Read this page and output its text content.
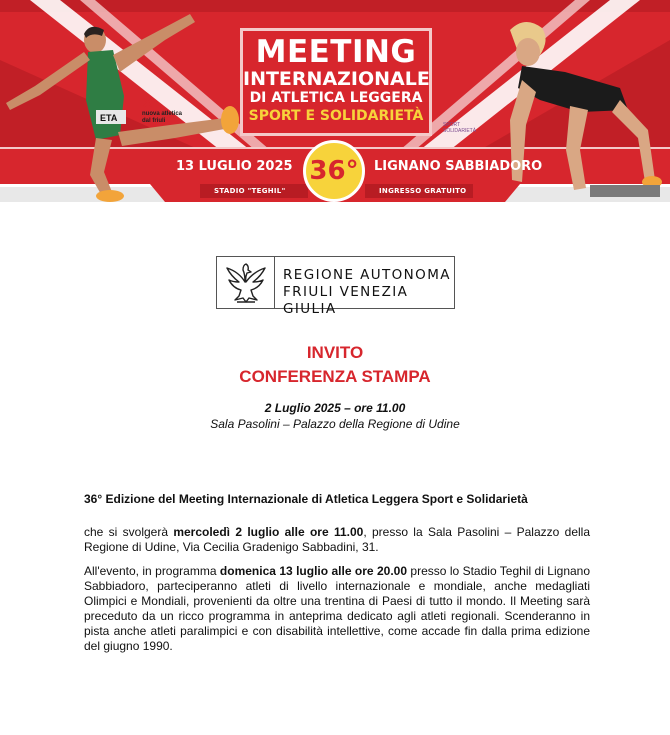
ETA
✕
nuova atletica
dal friuli
SPORT
SOLIDARIETÀ
MEETING
INTERNAZIONALE
DI ATLETICA LEGGERA
SPORT E SOLIDARIETÀ
13 LUGLIO 2025	LIGNANO SABBIADORO
36°
STADIO "TEGHIL"	INGRESSO GRATUITO
REGIONE AUTONOMA
FRIULI VENEZIA GIULIA
INVITO
CONFERENZA STAMPA
2 Luglio 2025 – ore 11.00
Sala Pasolini – Palazzo della Regione di Udine
36° Edizione del Meeting Internazionale di Atletica Leggera Sport e Solidarietà
che si svolgerà mercoledì 2 luglio alle ore 11.00, presso la Sala Pasolini – Palazzo della Regione di Udine, Via Cecilia Gradenigo Sabbadini, 31.
All'evento, in programma domenica 13 luglio alle ore 20.00 presso lo Stadio Teghil di Lignano Sabbiadoro, parteciperanno atleti di livello internazionale e mondiale, anche medagliati Olimpici e Mondiali, provenienti da oltre una trentina di Paesi di tutto il mondo. Il Meeting sarà preceduto da un ricco programma in anteprima dedicato agli atleti regionali. Scenderanno in pista anche atleti paralimpici e con disabilità intellettive, come accade fin dalla prima edizione del giugno 1990.
